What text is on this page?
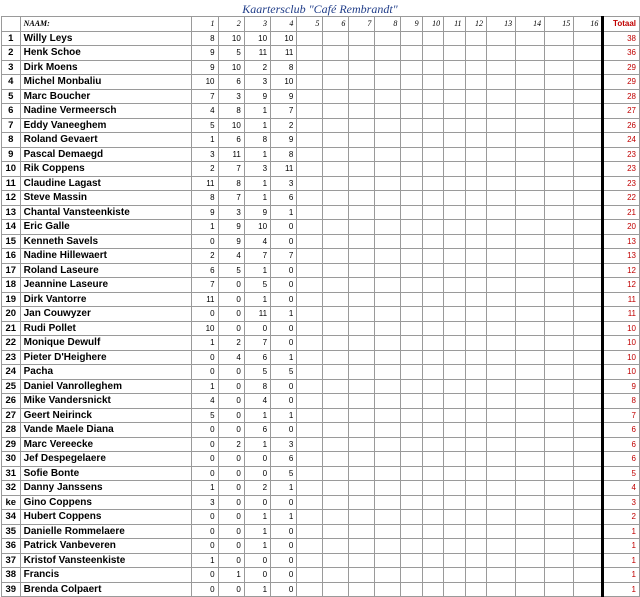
Kaartersclub "Café Rembrandt"
	NAAM:	1	2	3	4	5	6	7	8	9	10	11	12	13	14	15	16	Totaal
1	Willy Leys	8	10	10	10													38
2	Henk Schoe	9	5	11	11													36
3	Dirk Moens	9	10	2	8													29
4	Michel Monbaliu	10	6	3	10													29
5	Marc Boucher	7	3	9	9													28
6	Nadine Vermeersch	4	8	1	7													27
7	Eddy Vaneeghem	5	10	1	2													26
8	Roland Gevaert	1	6	8	9													24
9	Pascal Demaegd	3	11	1	8													23
10	Rik Coppens	2	7	3	11													23
11	Claudine Lagast	11	8	1	3													23
12	Steve Massin	8	7	1	6													22
13	Chantal Vansteenkiste	9	3	9	1													21
14	Eric Galle	1	9	10	0													20
15	Kenneth Savels	0	9	4	0													13
16	Nadine Hillewaert	2	4	7	7													13
17	Roland Laseure	6	5	1	0													12
18	Jeannine Laseure	7	0	5	0													12
19	Dirk Vantorre	11	0	1	0													11
20	Jan Couwyzer	0	0	11	1													11
21	Rudi Pollet	10	0	0	0													10
22	Monique Dewulf	1	2	7	0													10
23	Pieter D'Heighere	0	4	6	1													10
24	Pacha	0	0	5	5													10
25	Daniel Vanrolleghem	1	0	8	0													9
26	Mike Vandersnickt	4	0	4	0													8
27	Geert Neirinck	5	0	1	1													7
28	Vande Maele Diana	0	0	6	0													6
29	Marc Vereecke	0	2	1	3													6
30	Jef Despegelaere	0	0	0	6													6
31	Sofie Bonte	0	0	0	5													5
32	Danny Janssens	1	0	2	1													4
ke	Gino Coppens	3	0	0	0													3
34	Hubert Coppens	0	0	1	1													2
35	Danielle Rommelaere	0	0	1	0													1
36	Patrick Vanbeveren	0	0	1	0													1
37	Kristof Vansteenkiste	1	0	0	0													1
38	Francis	0	1	0	0													1
39	Brenda Colpaert	0	0	1	0													1
